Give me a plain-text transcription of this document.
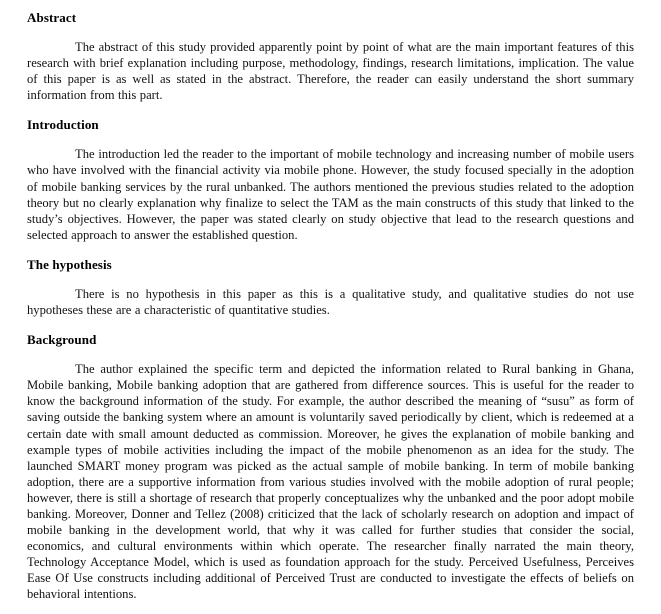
Abstract

The abstract of this study provided apparently point by point of what are the main important features of this research with brief explanation including purpose, methodology, findings, research limitations, implication. The value of this paper is as well as stated in the abstract. Therefore, the reader can easily understand the short summary information from this part.

Introduction

The introduction led the reader to the important of mobile technology and increasing number of mobile users who have involved with the financial activity via mobile phone. However, the study focused specially in the adoption of mobile banking services by the rural unbanked. The authors mentioned the previous studies related to the adoption theory but no clearly explanation why finalize to select the TAM as the main constructs of this study that linked to the study’s objectives. However, the paper was stated clearly on study objective that lead to the research questions and selected approach to answer the established question.

The hypothesis

There is no hypothesis in this paper as this is a qualitative study, and qualitative studies do not use hypotheses these are a characteristic of quantitative studies.

Background

The author explained the specific term and depicted the information related to Rural banking in Ghana, Mobile banking, Mobile banking adoption that are gathered from difference sources. This is useful for the reader to know the background information of the study. For example, the author described the meaning of “susu” as form of saving outside the banking system where an amount is voluntarily saved periodically by client, which is redeemed at a certain date with small amount deducted as commission. Moreover, he gives the explanation of mobile banking and example types of mobile activities including the impact of the mobile phenomenon as an idea for the study. The launched SMART money program was picked as the actual sample of mobile banking. In term of mobile banking adoption, there are a supportive information from various studies involved with the mobile adoption of rural people; however, there is still a shortage of research that properly conceptualizes why the unbanked and the poor adopt mobile banking. Moreover, Donner and Tellez (2008) criticized that the lack of scholarly research on adoption and impact of mobile banking in the development world, that why it was called for further studies that consider the social, economics, and cultural environments within which operate. The researcher finally narrated the main theory, Technology Acceptance Model, which is used as foundation approach for the study. Perceived Usefulness, Perceives Ease Of Use constructs including additional of Perceived Trust are conducted to investigate the effects of beliefs on behavioral intentions.
